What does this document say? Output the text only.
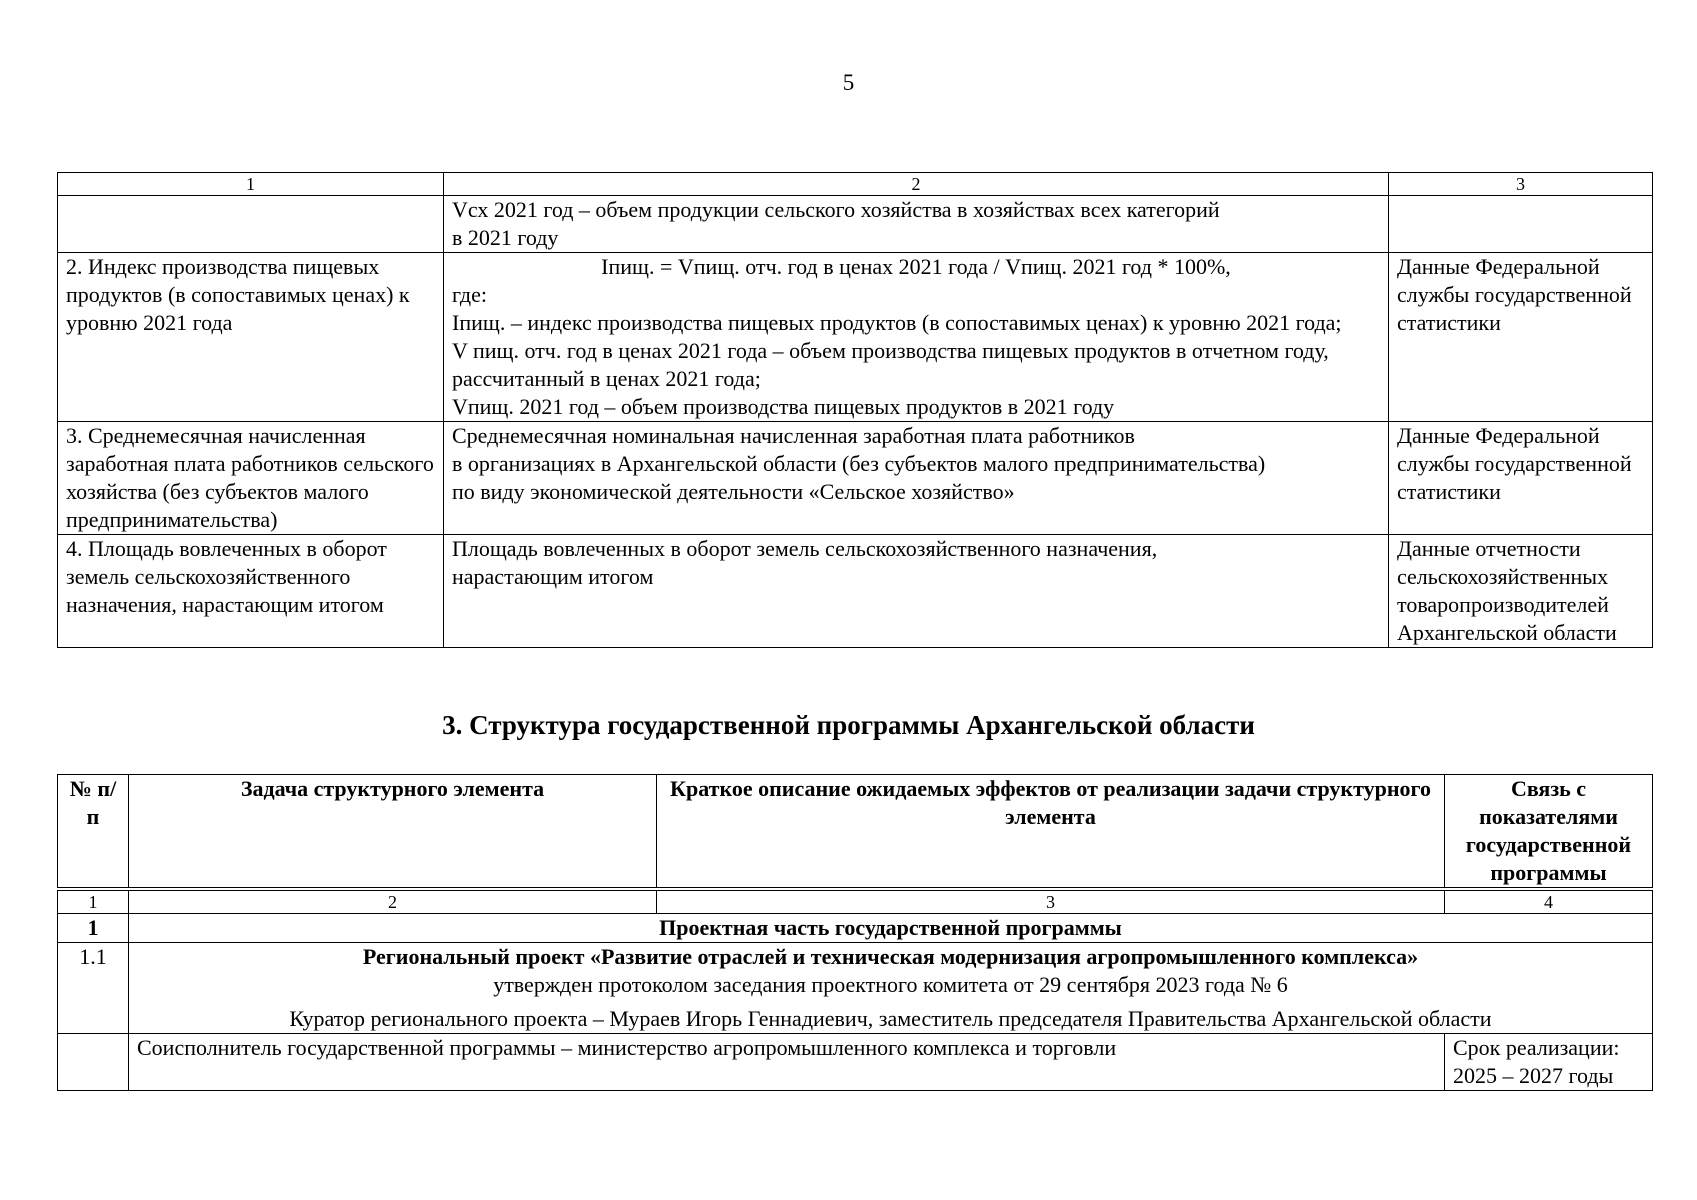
5
1	2	3

	Vсх 2021 год – объем продукции сельского хозяйства в хозяйствах всех категорий
в 2021 году	

2. Индекс производства пищевых продуктов (в сопоставимых ценах) к уровню 2021 года	Iпищ. = Vпищ. отч. год в ценах 2021 года / Vпищ. 2021 год * 100%,
где:
Iпищ. – индекс производства пищевых продуктов (в сопоставимых ценах) к уровню 2021 года;
V пищ. отч. год в ценах 2021 года – объем производства пищевых продуктов в отчетном году, рассчитанный в ценах 2021 года;
Vпищ. 2021 год – объем производства пищевых продуктов в 2021 году	Данные Федеральной службы государственной статистики
3. Среднемесячная начисленная заработная плата работников сельского хозяйства (без субъектов малого предпринимательства)	Среднемесячная номинальная начисленная заработная плата работников
в организациях в Архангельской области (без субъектов малого предпринимательства)
по виду экономической деятельности «Сельское хозяйство»	Данные Федеральной службы государственной статистики
4. Площадь вовлеченных в оборот земель сельскохозяйственного назначения, нарастающим итогом	Площадь вовлеченных в оборот земель сельскохозяйственного назначения,
нарастающим итогом	Данные отчетности сельскохозяйственных товаропроизводителей Архангельской области
3. Структура государственной программы Архангельской области
№ п/п	Задача структурного элемента	Краткое описание ожидаемых эффектов от реализации задачи структурного элемента	Связь с показателями государственной программы
1	2	3	4
1	Проектная часть государственной программы		
1.1	Региональный проект «Развитие отраслей и техническая модернизация агропромышленного комплекса»
утвержден протоколом заседания проектного комитета от 29 сентября 2023 года № 6
Куратор регионального проекта – Мураев Игорь Геннадиевич, заместитель председателя Правительства Архангельской области		

	Соисполнитель государственной программы – министерство агропромышленного комплекса и торговли		Срок реализации:
2025 – 2027 годы
